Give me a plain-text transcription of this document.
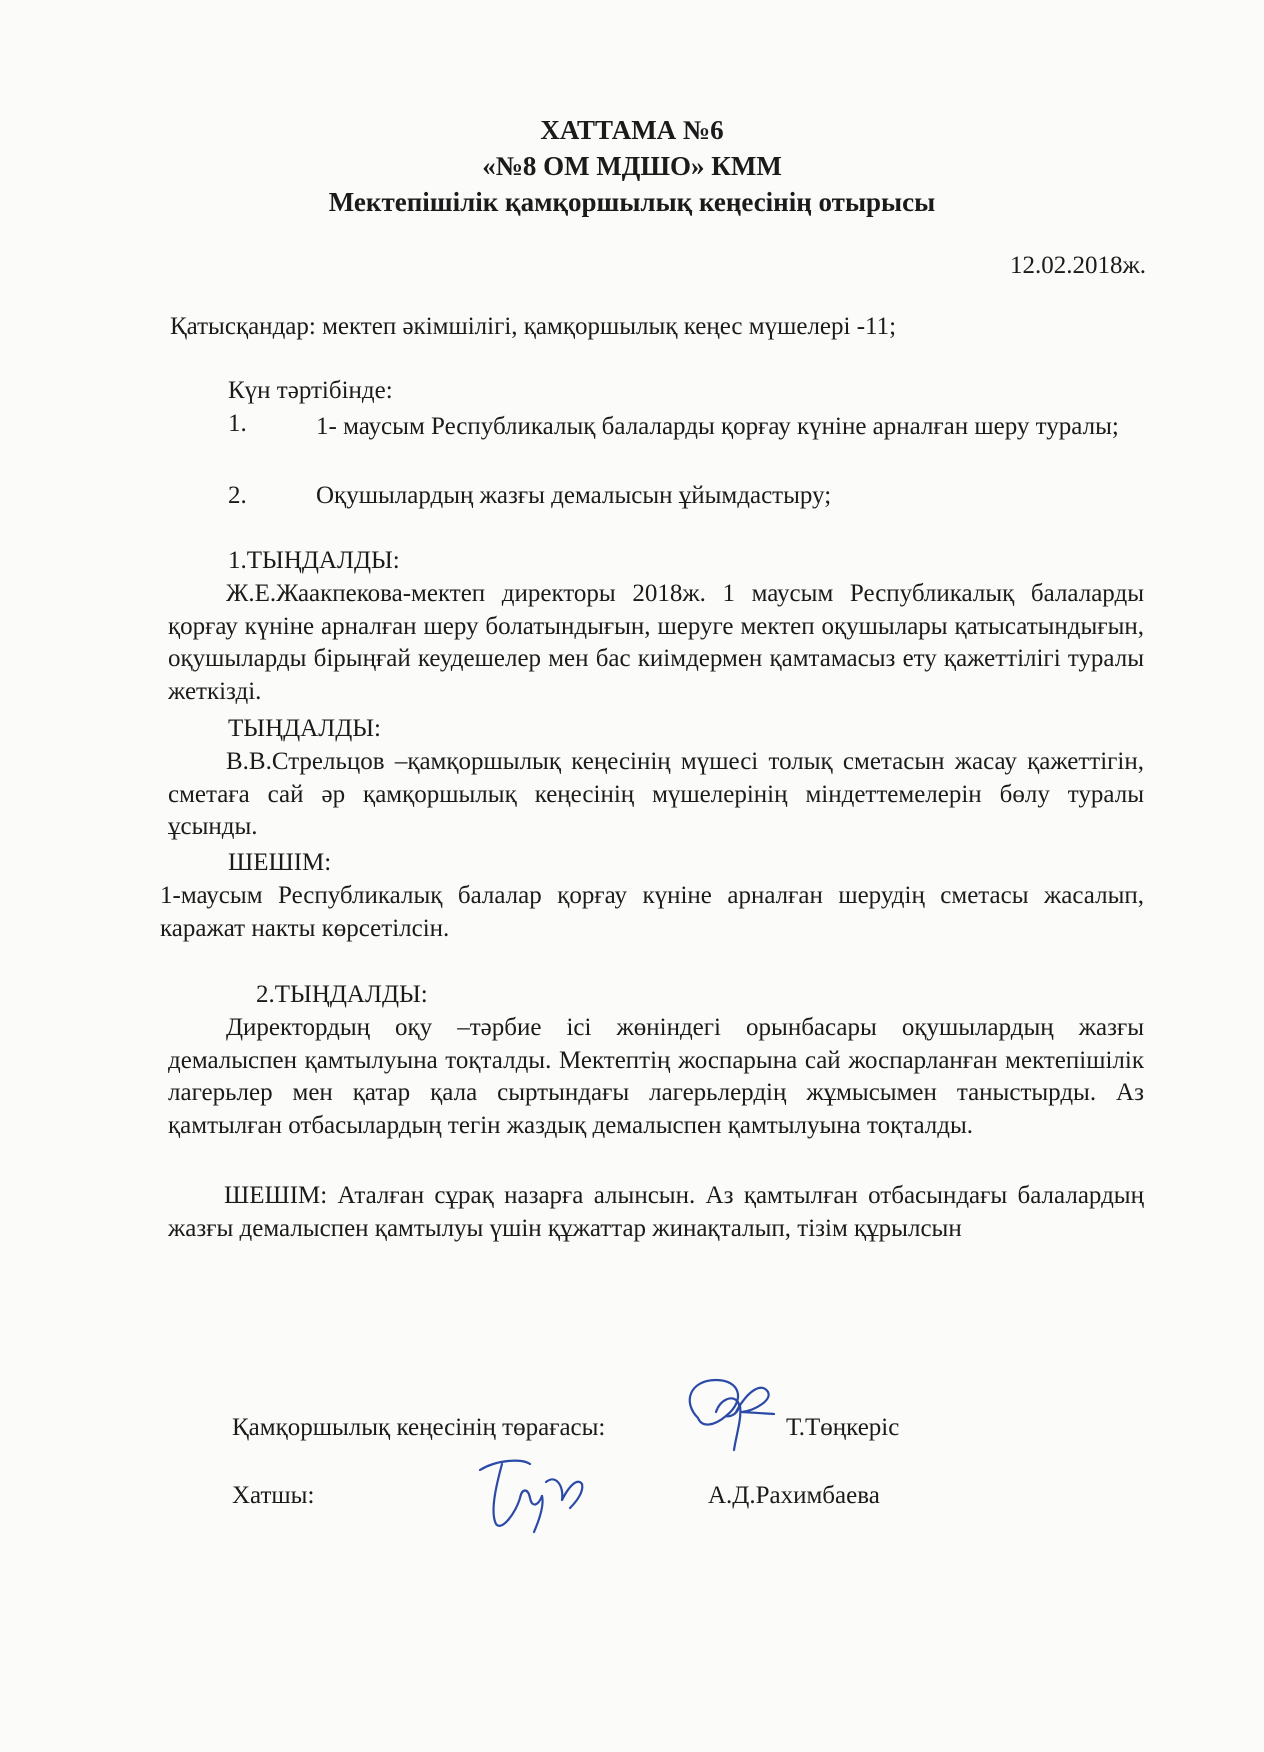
ХАТТАМА №6
«№8 ОМ МДШО» КММ
Мектепішілік қамқоршылық кеңесінің отырысы
12.02.2018ж.
Қатысқандар: мектеп әкімшілігі, қамқоршылық кеңес мүшелері -11;
Күн тәртібінде:
1.	1- маусым Республикалық балаларды қорғау күніне арналған шеру туралы;
2.	Оқушылардың жазғы демалысын ұйымдастыру;
1.ТЫҢДАЛДЫ:
Ж.Е.Жаакпекова-мектеп директоры 2018ж. 1 маусым Республикалық балаларды қорғау күніне арналған шеру болатындығын, шеруге мектеп оқушылары қатысатындығын, оқушыларды бірыңғай кеудешелер мен бас киімдермен қамтамасыз ету қажеттілігі туралы жеткізді.
ТЫҢДАЛДЫ:
В.В.Стрельцов –қамқоршылық кеңесінің мүшесі толық сметасын жасау қажеттігін, сметаға сай әр қамқоршылық кеңесінің мүшелерінің міндеттемелерін бөлу туралы ұсынды.
ШЕШІМ:
1-маусым Республикалық балалар қорғау күніне арналған шерудің сметасы жасалып, каражат накты көрсетілсін.
2.ТЫҢДАЛДЫ:
Директордың оқу –тәрбие ісі жөніндегі орынбасары оқушылардың жазғы демалыспен қамтылуына тоқталды. Мектептің жоспарына сай жоспарланған мектепішілік лагерьлер мен қатар қала сыртындағы лагерьлердің жұмысымен таныстырды. Аз қамтылған отбасылардың тегін жаздық демалыспен қамтылуына тоқталды.
ШЕШІМ: Аталған сұрақ назарға алынсын. Аз қамтылған отбасындағы балалардың жазғы демалыспен қамтылуы үшін құжаттар жинақталып, тізім құрылсын
Қамқоршылық кеңесінің төрағасы:	Т.Төңкеріс
Хатшы:	А.Д.Рахимбаева
